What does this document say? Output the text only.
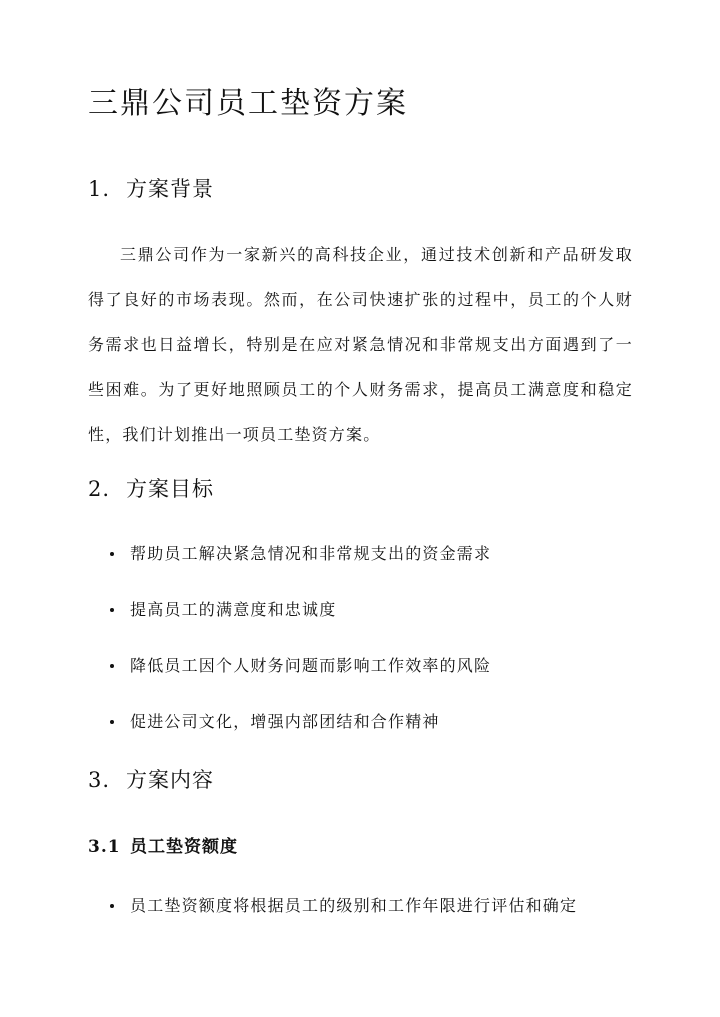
三鼎公司员工垫资方案
1. 方案背景

三鼎公司作为一家新兴的高科技企业，通过技术创新和产品研发取得了良好的市场表现。然而，在公司快速扩张的过程中，员工的个人财务需求也日益增长，特别是在应对紧急情况和非常规支出方面遇到了一些困难。为了更好地照顾员工的个人财务需求，提高员工满意度和稳定性，我们计划推出一项员工垫资方案。

2. 方案目标
帮助员工解决紧急情况和非常规支出的资金需求
提高员工的满意度和忠诚度
降低员工因个人财务问题而影响工作效率的风险
促进公司文化，增强内部团结和合作精神
3. 方案内容
3.1 员工垫资额度
员工垫资额度将根据员工的级别和工作年限进行评估和确定
